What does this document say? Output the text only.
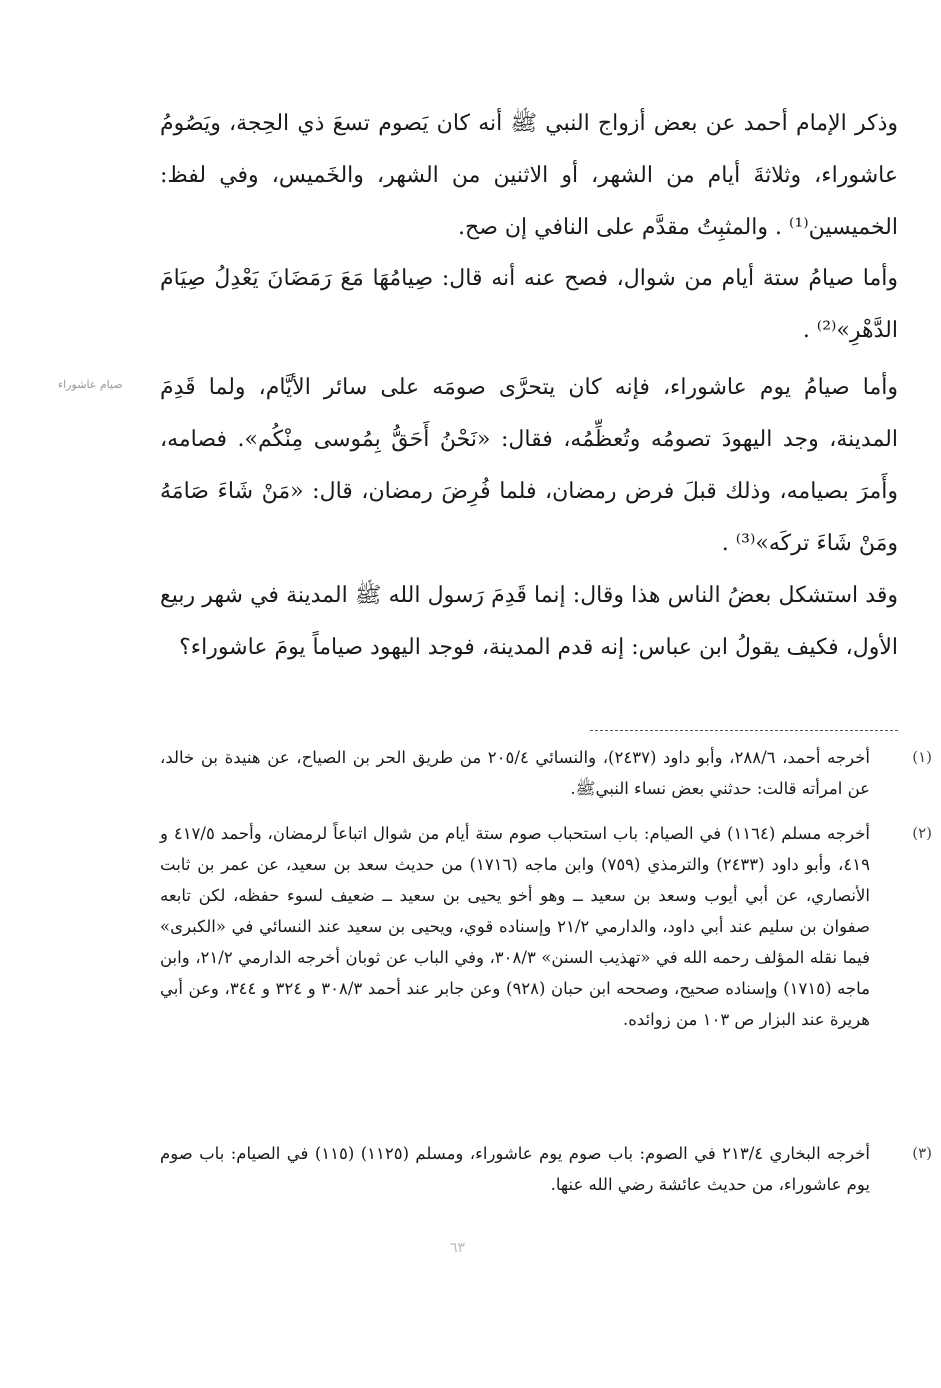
صيام عاشوراء

وذكر الإمام أحمد عن بعض أزواج النبي ﷺ أنه كان يَصوم تسعَ ذي الحِجة، ويَصُومُ عاشوراء، وثلاثةَ أيام من الشهر، أو الاثنين من الشهر، والخَميس، وفي لفظ: الخميسين⁽¹⁾ . والمثبِتُ مقدَّم على النافي إن صح.

وأما صيامُ ستة أيام من شوال، فصح عنه أنه قال: صِيامُهَا مَعَ رَمَضَانَ يَعْدِلُ صِيَامَ الدَّهْرِ»⁽²⁾ .

وأما صيامُ يوم عاشوراء، فإنه كان يتحرَّى صومَه على سائر الأيَّام، ولما قَدِمَ المدينة، وجد اليهودَ تصومُه وتُعظِّمُه، فقال: «نَحْنُ أَحَقُّ بِمُوسى مِنْكُم». فصامه، وأَمرَ بصيامه، وذلك قبلَ فرض رمضان، فلما فُرِضَ رمضان، قال: «مَنْ شَاءَ صَامَهُ ومَنْ شَاءَ تركَه»⁽³⁾ .

وقد استشكل بعضُ الناس هذا وقال: إنما قَدِمَ رَسول الله ﷺ المدينة في شهر ربيع الأول، فكيف يقولُ ابن عباس: إنه قدم المدينة، فوجد اليهود صياماً يومَ عاشوراء؟

(١)
أخرجه أحمد، ٢٨٨/٦، وأبو داود (٢٤٣٧)، والنسائي ٢٠٥/٤ من طريق الحر بن الصياح، عن هنيدة بن خالد، عن امرأته قالت: حدثني بعض نساء النبيﷺ.
(٢)
أخرجه مسلم (١١٦٤) في الصيام: باب استحباب صوم ستة أيام من شوال اتباعاً لرمضان، وأحمد ٤١٧/٥ و ٤١٩، وأبو داود (٢٤٣٣) والترمذي (٧٥٩) وابن ماجه (١٧١٦) من حديث سعد بن سعيد، عن عمر بن ثابت الأنصاري، عن أبي أيوب وسعد بن سعيد ــ وهو أخو يحيى بن سعيد ــ ضعيف لسوء حفظه، لكن تابعه صفوان بن سليم عند أبي داود، والدارمي ٢١/٢ وإسناده قوي، ويحيى بن سعيد عند النسائي في «الكبرى» فيما نقله المؤلف رحمه الله في «تهذيب السنن» ٣٠٨/٣، وفي الباب عن ثوبان أخرجه الدارمي ٢١/٢، وابن ماجه (١٧١٥) وإسناده صحيح، وصححه ابن حبان (٩٢٨) وعن جابر عند أحمد ٣٠٨/٣ و ٣٢٤ و ٣٤٤، وعن أبي هريرة عند البزار ص ١٠٣ من زوائده.
(٣)
أخرجه البخاري ٢١٣/٤ في الصوم: باب صوم يوم عاشوراء، ومسلم (١١٢٥) (١١٥) في الصيام: باب صوم يوم عاشوراء، من حديث عائشة رضي الله عنها.
٦٣
